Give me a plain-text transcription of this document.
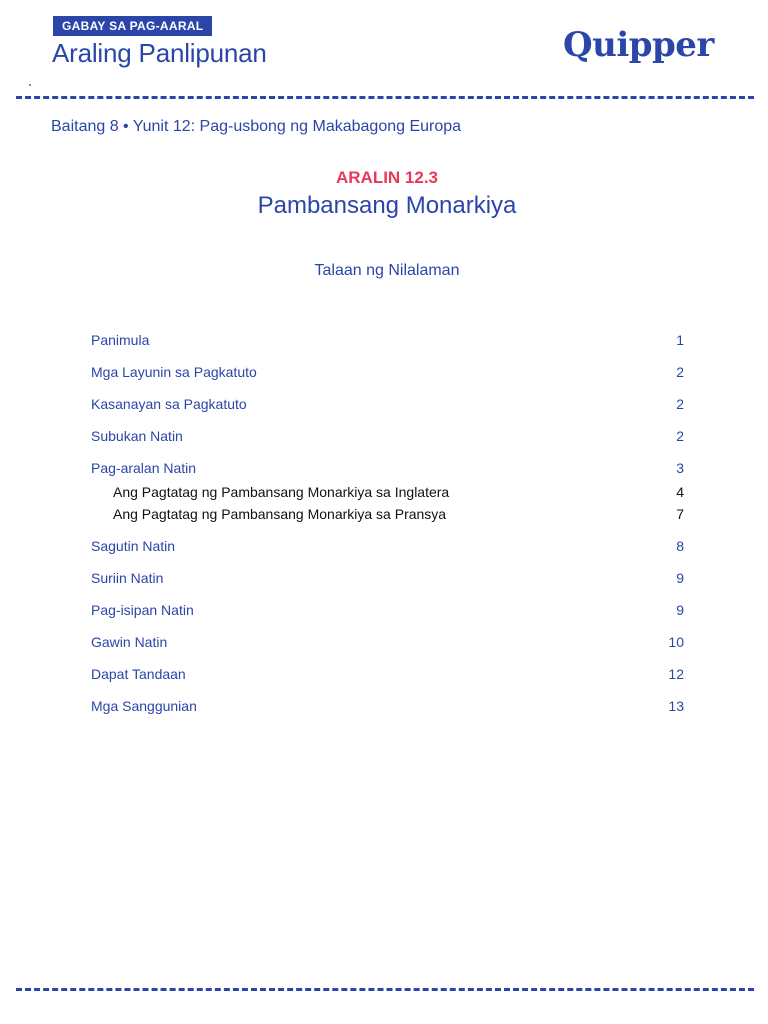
GABAY SA PAG-AARAL
Araling Panlipunan	Quipper
Baitang 8 • Yunit 12: Pag-usbong ng Makabagong Europa
ARALIN 12.3
Pambansang Monarkiya
Talaan ng Nilalaman
Panimula	1
Mga Layunin sa Pagkatuto	2
Kasanayan sa Pagkatuto	2
Subukan Natin	2
Pag-aralan Natin	3
Ang Pagtatag ng Pambansang Monarkiya sa Inglatera	4
Ang Pagtatag ng Pambansang Monarkiya sa Pransya	7
Sagutin Natin	8
Suriin Natin	9
Pag-isipan Natin	9
Gawin Natin	10
Dapat Tandaan	12
Mga Sanggunian	13
